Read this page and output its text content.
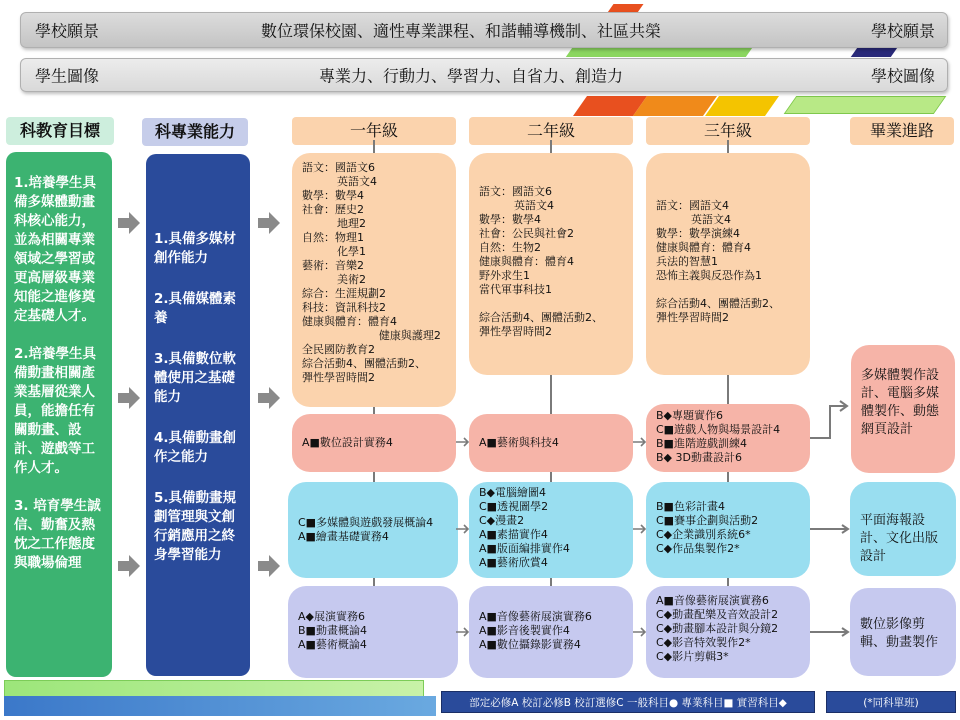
學校願景	數位環保校園、適性專業課程、和諧輔導機制、社區共榮	學校願景
學生圖像	專業力、行動力、學習力、自省力、創造力	學校圖像
科教育目標	科專業能力	一年級	二年級	三年級	畢業進路
1.培養學生具備多媒體動畫科核心能力，並為相關專業領域之學習或更高層級專業知能之進修奠定基礎人才。

2.培養學生具備動畫相關產業基層從業人員，能擔任有關動畫、設計、遊戲等工作人才。

3. 培育學生誠信、勤奮及熱忱之工作態度與職場倫理
1.具備多媒材創作能力
2.具備媒體素養
3.具備數位軟體使用之基礎能力
4.具備動畫創作之能力
5.具備動畫規劃管理與文創行銷應用之終身學習能力
語文：國語文6
英語文4
數學：數學4
社會：歷史2
地理2
自然：物理1
化學1
藝術：音樂2
美術2
綜合：生涯規劃2
科技：資訊科技2
健康與體育：體育4
健康與護理2
全民國防教育2
綜合活動4、團體活動2、
彈性學習時間2
A■數位設計實務4
C■多媒體與遊戲發展概論4
A■繪畫基礎實務4
A◆展演實務6
B■動畫概論4
A■藝術概論4
語文：國語文6
英語文4
數學：數學4
社會：公民與社會2
自然：生物2
健康與體育：體育4
野外求生1
當代軍事科技1

綜合活動4、團體活動2、
彈性學習時間2
A■藝術與科技4
B◆電腦繪圖4
C■透視圖學2
C◆漫畫2
A■素描實作4
A■版面編排實作4
A■藝術欣賞4
A■音像藝術展演實務6
A■影音後製實作4
A■數位攝錄影實務4
語文：國語文4
英語文4
數學：數學演練4
健康與體育：體育4
兵法的智慧1
恐怖主義與反恐作為1

綜合活動4、團體活動2、
彈性學習時間2
B◆專題實作6
C■遊戲人物與場景設計4
B■進階遊戲訓練4
B◆ 3D動畫設計6
B■色彩計畫4
C■賽事企劃與活動2
C◆企業識別系統6*
C◆作品集製作2*
A■音像藝術展演實務6
C◆動畫配樂及音效設計2
C◆動畫腳本設計與分鏡2
C◆影音特效製作2*
C◆影片剪輯3*
多媒體製作設計、電腦多媒體製作、動態網頁設計
平面海報設計、文化出版設計
數位影像剪輯、動畫製作
部定必修A 校訂必修B 校訂選修C 一般科目● 專業科目■ 實習科目◆	(*同科單班)
